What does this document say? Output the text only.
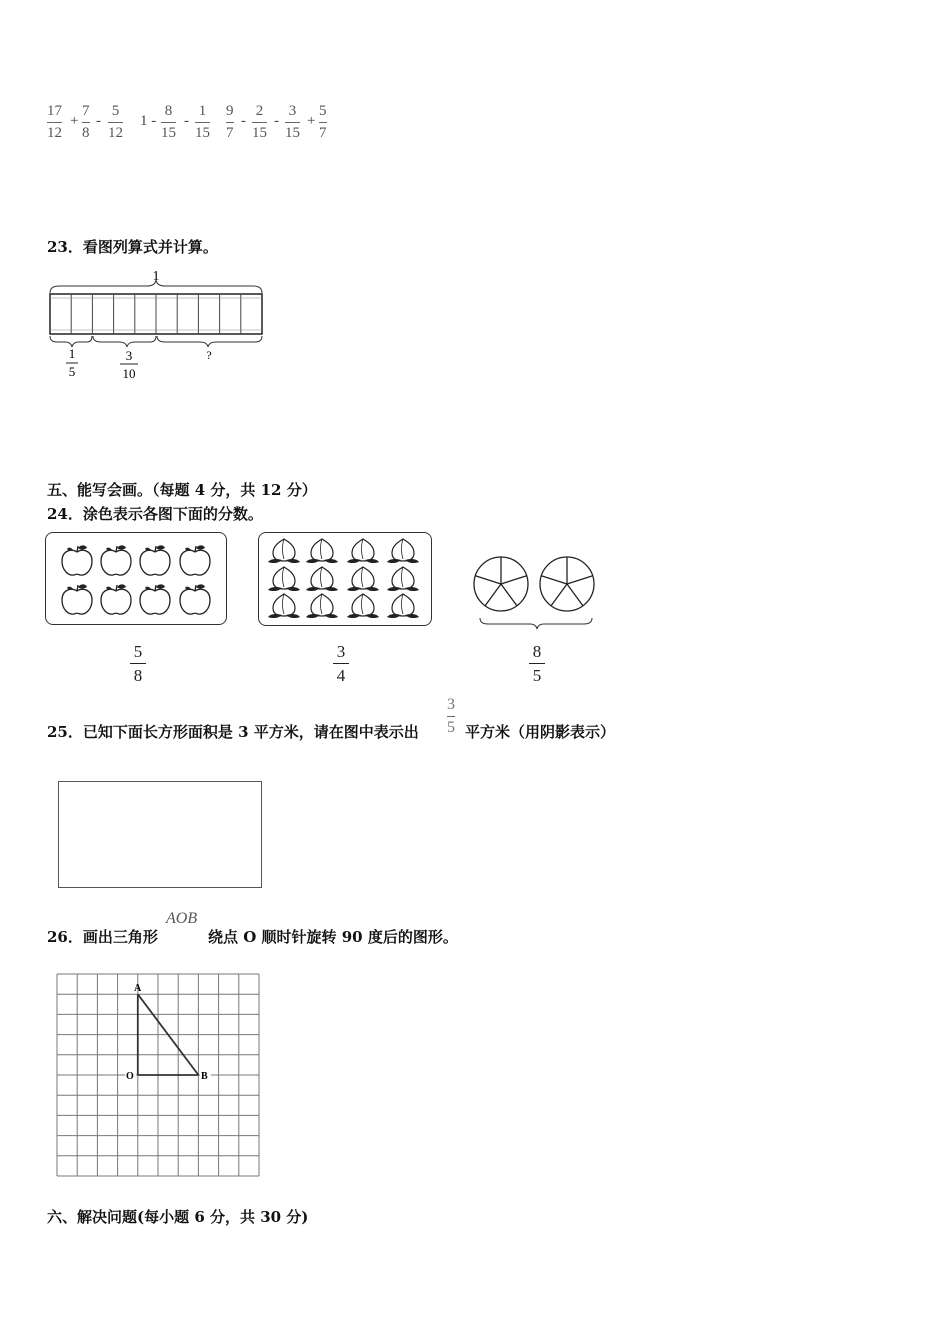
17
12
+
7
8
-
5
12
1 -
8
15
-
1
15
9
7
-
2
15
-
3
15
+
5
7
23．看图列算式并计算。
1
1
5
3
10
?
五、能写会画。（每题 4 分，共 12 分）
24．涂色表示各图下面的分数。
5
8
3
4
8
5
25．已知下面长方形面积是 3 平方米，请在图中表示出
3
5 平方米（用阴影表示）
26．画出三角形
AOB
绕点 O 顺时针旋转 90 度后的图形。
A
O	B
六、解决问题(每小题 6 分，共 30 分)
